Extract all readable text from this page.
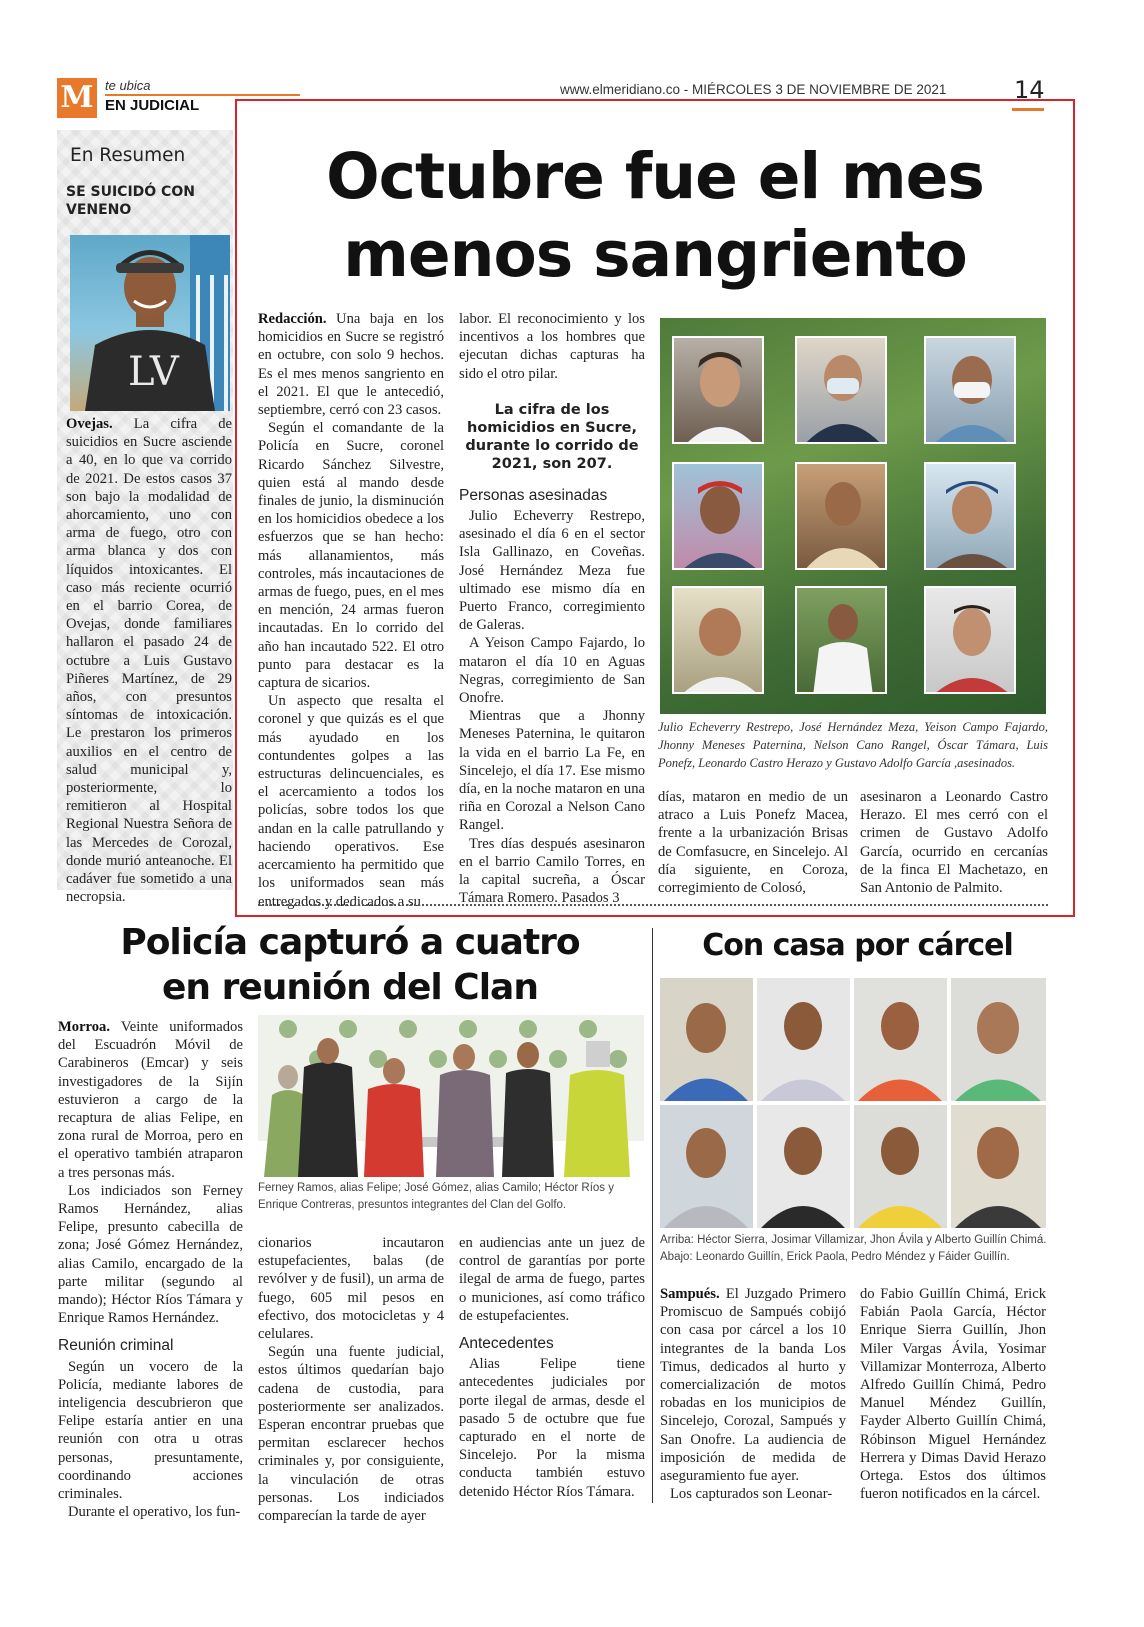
M te ubica
EN JUDICIAL
www.elmeridiano.co - MIÉRCOLES 3 DE NOVIEMBRE DE 2021	14
En Resumen
SE SUICIDÓ CON VENENO
LV

Ovejas. La cifra de suicidios en Sucre asciende a 40, en lo que va corrido de 2021. De estos casos 37 son bajo la modalidad de ahorcamiento, uno con arma de fuego, otro con arma blanca y dos con líquidos intoxicantes. El caso más reciente ocurrió en el barrio Corea, de Ovejas, donde familiares hallaron el pasado 24 de octubre a Luis Gustavo Piñeres Martínez, de 29 años, con presuntos síntomas de intoxicación. Le prestaron los primeros auxilios en el centro de salud municipal y, posteriormente, lo remitieron al Hospital Regional Nuestra Señora de las Mercedes de Corozal, donde murió anteanoche. El cadáver fue sometido a una necropsia.

Octubre fue el mes menos sangriento

Redacción. Una baja en los homicidios en Sucre se registró en octubre, con solo 9 hechos. Es el mes menos sangriento en el 2021. El que le antecedió, septiembre, cerró con 23 casos.

Según el comandante de la Policía en Sucre, coronel Ricardo Sánchez Silvestre, quien está al mando desde finales de junio, la disminución en los homicidios obedece a los esfuerzos que se han hecho: más allanamientos, más controles, más incautaciones de armas de fuego, pues, en el mes en mención, 24 armas fueron incautadas. En lo corrido del año han incautado 522. El otro punto para destacar es la captura de sicarios.

Un aspecto que resalta el coronel y que quizás es el que más ayudado en los contundentes golpes a las estructuras delincuenciales, es el acercamiento a todos los policías, sobre todos los que andan en la calle patrullando y haciendo operativos. Ese acercamiento ha permitido que los uniformados sean más entregados y dedicados a su

labor. El reconocimiento y los incentivos a los hombres que ejecutan dichas capturas ha sido el otro pilar.

La cifra de los homicidios en Sucre, durante lo corrido de 2021, son 207.

Personas asesinadas

Julio Echeverry Restrepo, asesinado el día 6 en el sector Isla Gallinazo, en Coveñas. José Hernández Meza fue ultimado ese mismo día en Puerto Franco, corregimiento de Galeras.

A Yeison Campo Fajardo, lo mataron el día 10 en Aguas Negras, corregimiento de San Onofre.

Mientras que a Jhonny Meneses Paternina, le quitaron la vida en el barrio La Fe, en Sincelejo, el día 17. Ese mismo día, en la noche mataron en una riña en Corozal a Nelson Cano Rangel.

Tres días después asesinaron en el barrio Camilo Torres, en la capital sucreña, a Óscar Támara Romero. Pasados 3

Julio Echeverry Restrepo, José Hernández Meza, Yeison Campo Fajardo, Jhonny Meneses Paternina, Nelson Cano Rangel, Óscar Támara, Luis Ponefz, Leonardo Castro Herazo y Gustavo Adolfo García ,asesinados.

días, mataron en medio de un atraco a Luis Ponefz Macea, frente a la urbanización Brisas de Comfasucre, en Sincelejo. Al día siguiente, en Coroza, corregimiento de Colosó,

asesinaron a Leonardo Castro Herazo. El mes cerró con el crimen de Gustavo Adolfo García, ocurrido en cercanías de la finca El Machetazo, en San Antonio de Palmito.

Policía capturó a cuatro en reunión del Clan

Morroa. Veinte uniformados del Escuadrón Móvil de Carabineros (Emcar) y seis investigadores de la Sijín estuvieron a cargo de la recaptura de alias Felipe, en zona rural de Morroa, pero en el operativo también atraparon a tres personas más.

Los indiciados son Ferney Ramos Hernández, alias Felipe, presunto cabecilla de zona; José Gómez Hernández, alias Camilo, encargado de la parte militar (segundo al mando); Héctor Ríos Támara y Enrique Ramos Hernández.

Reunión criminal

Según un vocero de la Policía, mediante labores de inteligencia descubrieron que Felipe estaría antier en una reunión con otra u otras personas, presuntamente, coordinando acciones criminales.

Durante el operativo, los fun-

Ferney Ramos, alias Felipe; José Gómez, alias Camilo; Héctor Ríos y Enrique Contreras, presuntos integrantes del Clan del Golfo.

cionarios incautaron estupefacientes, balas (de revólver y de fusil), un arma de fuego, 605 mil pesos en efectivo, dos motocicletas y 4 celulares.

Según una fuente judicial, estos últimos quedarían bajo cadena de custodia, para posteriormente ser analizados. Esperan encontrar pruebas que permitan esclarecer hechos criminales y, por consiguiente, la vinculación de otras personas. Los indiciados comparecían la tarde de ayer

en audiencias ante un juez de control de garantías por porte ilegal de arma de fuego, partes o municiones, así como tráfico de estupefacientes.

Antecedentes

Alias Felipe tiene antecedentes judiciales por porte ilegal de armas, desde el pasado 5 de octubre que fue capturado en el norte de Sincelejo. Por la misma conducta también estuvo detenido Héctor Ríos Támara.

Con casa por cárcel
Arriba: Héctor Sierra, Josimar Villamizar, Jhon Ávila y Alberto Guillín Chimá. Abajo: Leonardo Guillín, Erick Paola, Pedro Méndez y Fáider Guillín.

Sampués. El Juzgado Primero Promiscuo de Sampués cobijó con casa por cárcel a los 10 integrantes de la banda Los Timus, dedicados al hurto y comercialización de motos robadas en los municipios de Sincelejo, Corozal, Sampués y San Onofre. La audiencia de imposición de medida de aseguramiento fue ayer.

Los capturados son Leonar-

do Fabio Guillín Chimá, Erick Fabián Paola García, Héctor Enrique Sierra Guillín, Jhon Miler Vargas Ávila, Yosimar Villamizar Monterroza, Alberto Alfredo Guillín Chimá, Pedro Manuel Méndez Guillín, Fayder Alberto Guillín Chimá, Róbinson Miguel Hernández Herrera y Dimas David Herazo Ortega. Estos dos últimos fueron notificados en la cárcel.
